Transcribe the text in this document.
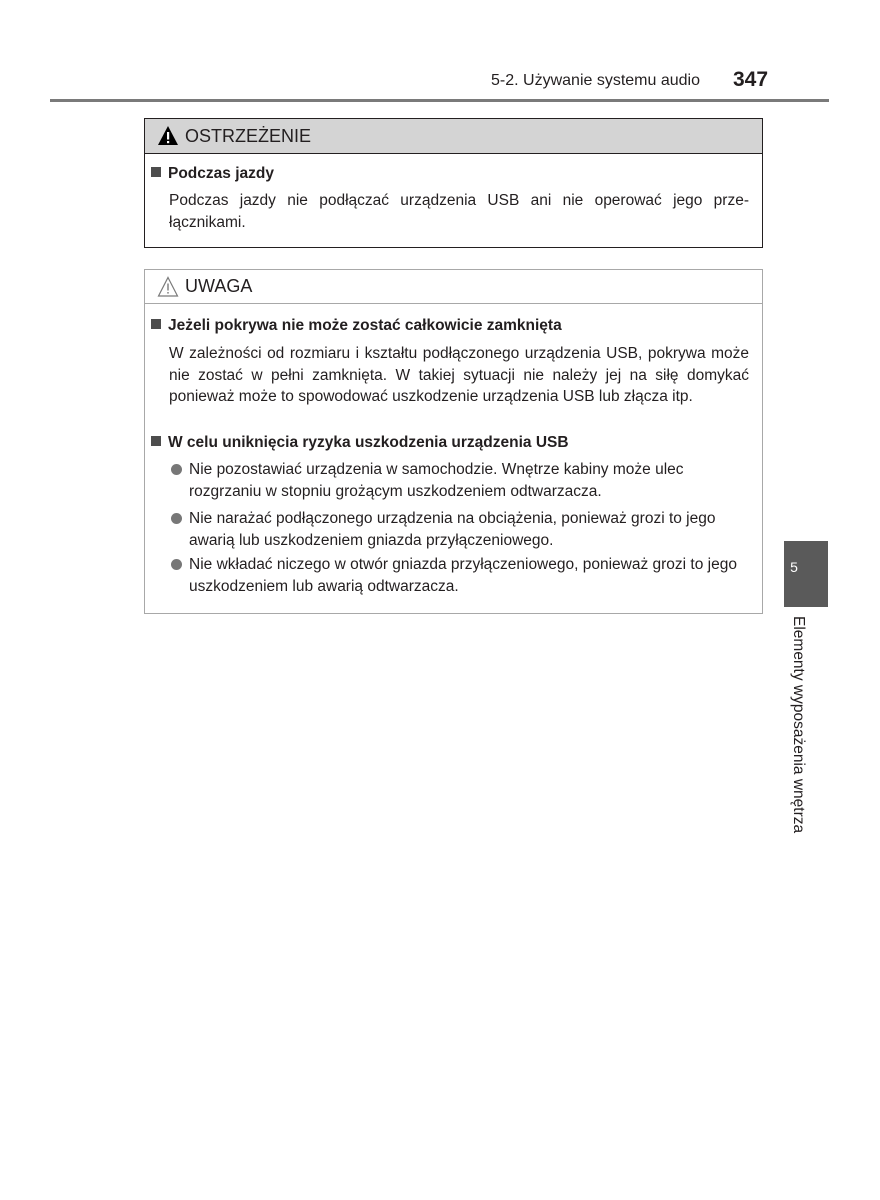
5-2. Używanie systemu audio 347
OSTRZEŻENIE
Podczas jazdy
Podczas jazdy nie podłączać urządzenia USB ani nie operować jego prze-łącznikami.
UWAGA
Jeżeli pokrywa nie może zostać całkowicie zamknięta
W zależności od rozmiaru i kształtu podłączonego urządzenia USB, pokrywa może nie zostać w pełni zamknięta. W takiej sytuacji nie należy jej na siłę domykać ponieważ może to spowodować uszkodzenie urządzenia USB lub złącza itp.
W celu uniknięcia ryzyka uszkodzenia urządzenia USB
Nie pozostawiać urządzenia w samochodzie. Wnętrze kabiny może ulec rozgrzaniu w stopniu grożącym uszkodzeniem odtwarzacza.
Nie narażać podłączonego urządzenia na obciążenia, ponieważ grozi to jego awarią lub uszkodzeniem gniazda przyłączeniowego.
Nie wkładać niczego w otwór gniazda przyłączeniowego, ponieważ grozi to jego uszkodzeniem lub awarią odtwarzacza.
5
Elementy wyposażenia wnętrza
